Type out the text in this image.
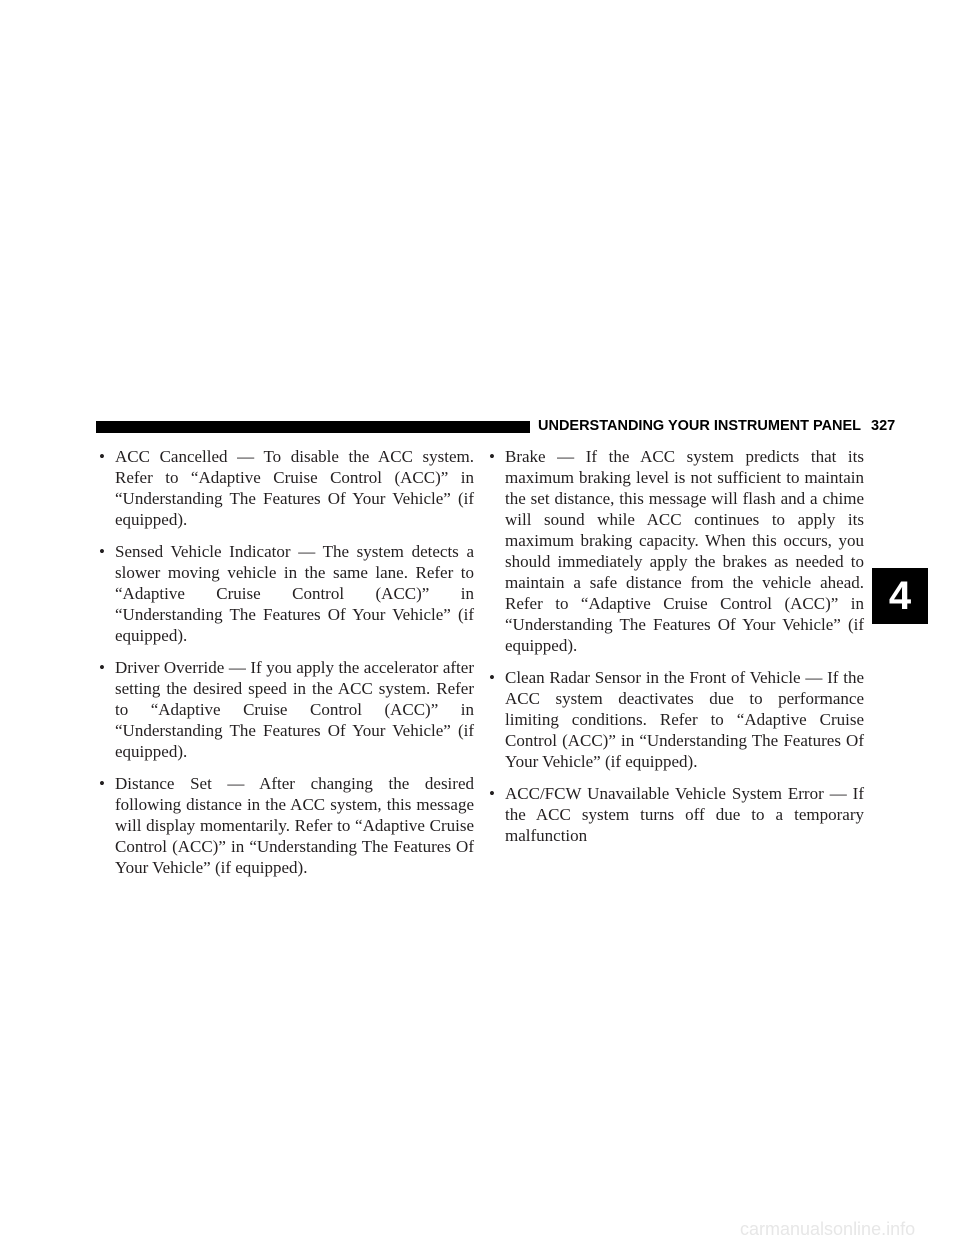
UNDERSTANDING YOUR INSTRUMENT PANEL 327
• ACC Cancelled — To disable the ACC system. Refer to “Adaptive Cruise Control (ACC)” in “Understanding The Features Of Your Vehicle” (if equipped).
• Sensed Vehicle Indicator — The system detects a slower moving vehicle in the same lane. Refer to “Adaptive Cruise Control (ACC)” in “Understanding The Features Of Your Vehicle” (if equipped).
• Driver Override — If you apply the accelerator after setting the desired speed in the ACC system. Refer to “Adaptive Cruise Control (ACC)” in “Understanding The Features Of Your Vehicle” (if equipped).
• Distance Set — After changing the desired following distance in the ACC system, this message will display momentarily. Refer to “Adaptive Cruise Control (ACC)” in “Understanding The Features Of Your Vehicle” (if equipped).
• Brake — If the ACC system predicts that its maximum braking level is not sufficient to maintain the set distance, this message will flash and a chime will sound while ACC continues to apply its maximum braking capacity. When this occurs, you should immediately apply the brakes as needed to maintain a safe distance from the vehicle ahead. Refer to “Adaptive Cruise Control (ACC)” in “Understanding The Features Of Your Vehicle” (if equipped).
• Clean Radar Sensor in the Front of Vehicle — If the ACC system deactivates due to performance limiting conditions. Refer to “Adaptive Cruise Control (ACC)” in “Understanding The Features Of Your Vehicle” (if equipped).
• ACC/FCW Unavailable Vehicle System Error — If the ACC system turns off due to a temporary malfunction
4
carmanualsonline.info
